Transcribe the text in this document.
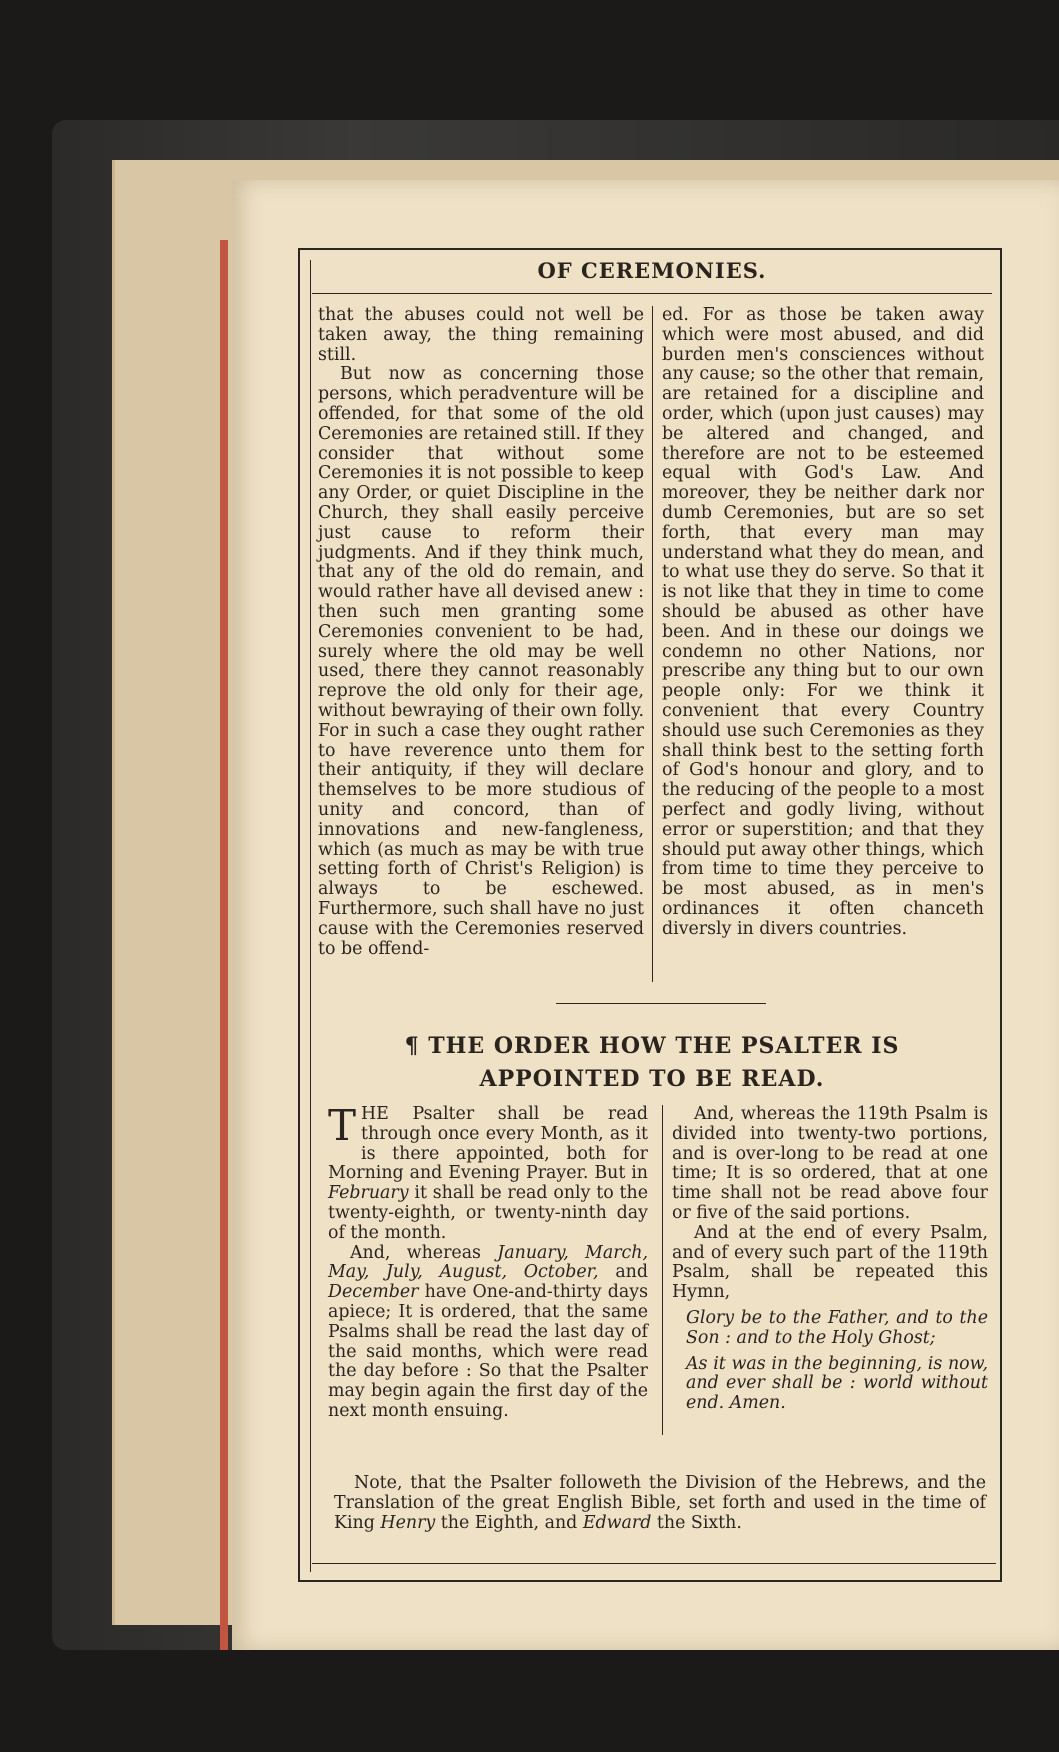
OF CEREMONIES.

that the abuses could not well be taken away, the thing remaining still.

But now as concerning those persons, which peradventure will be offended, for that some of the old Ceremonies are retained still. If they consider that without some Ceremonies it is not possible to keep any Order, or quiet Discipline in the Church, they shall easily perceive just cause to reform their judgments. And if they think much, that any of the old do remain, and would rather have all devised anew : then such men granting some Ceremonies convenient to be had, surely where the old may be well used, there they cannot reasonably reprove the old only for their age, without bewraying of their own folly. For in such a case they ought rather to have reverence unto them for their antiquity, if they will declare themselves to be more studious of unity and concord, than of innovations and new-fangleness, which (as much as may be with true setting forth of Christ's Religion) is always to be eschewed. Furthermore, such shall have no just cause with the Ceremonies reserved to be offend-

ed. For as those be taken away which were most abused, and did burden men's consciences without any cause; so the other that remain, are retained for a discipline and order, which (upon just causes) may be altered and changed, and therefore are not to be esteemed equal with God's Law. And moreover, they be neither dark nor dumb Ceremonies, but are so set forth, that every man may understand what they do mean, and to what use they do serve. So that it is not like that they in time to come should be abused as other have been. And in these our doings we condemn no other Nations, nor prescribe any thing but to our own people only: For we think it convenient that every Country should use such Ceremonies as they shall think best to the setting forth of God's honour and glory, and to the reducing of the people to a most perfect and godly living, without error or superstition; and that they should put away other things, which from time to time they perceive to be most abused, as in men's ordinances it often chanceth diversly in divers countries.

¶ THE ORDER HOW THE PSALTER IS
APPOINTED TO BE READ.

THE Psalter shall be read through once every Month, as it is there appointed, both for Morning and Evening Prayer. But in February it shall be read only to the twenty-eighth, or twenty-ninth day of the month.

And, whereas January, March, May, July, August, October, and December have One-and-thirty days apiece; It is ordered, that the same Psalms shall be read the last day of the said months, which were read the day before : So that the Psalter may begin again the first day of the next month ensuing.

And, whereas the 119th Psalm is divided into twenty-two portions, and is over-long to be read at one time; It is so ordered, that at one time shall not be read above four or five of the said portions.

And at the end of every Psalm, and of every such part of the 119th Psalm, shall be repeated this Hymn,

Glory be to the Father, and to the Son : and to the Holy Ghost;

As it was in the beginning, is now, and ever shall be : world without end. Amen.

Note, that the Psalter followeth the Division of the Hebrews, and the Translation of the great English Bible, set forth and used in the time of King Henry the Eighth, and Edward the Sixth.
